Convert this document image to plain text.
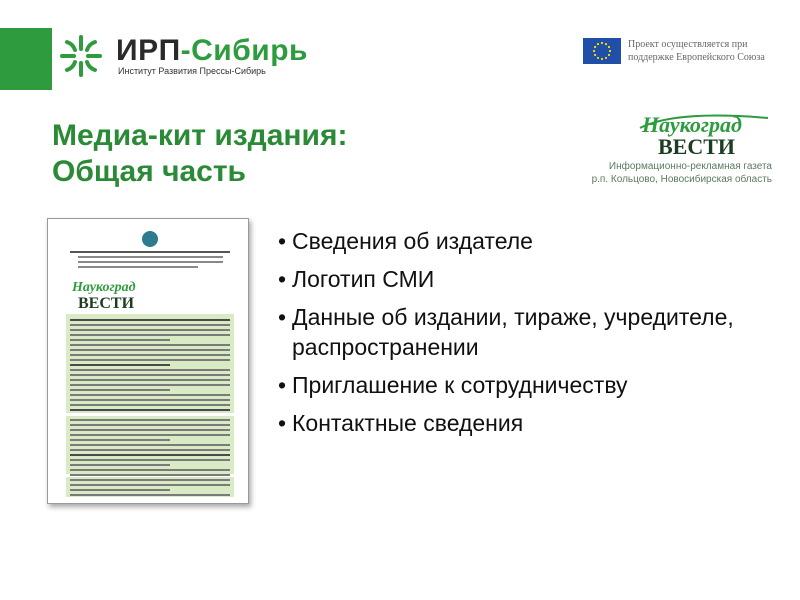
ИРП-Сибирь
Институт Развития Прессы-Сибирь
Проект осуществляется при
поддержке Европейского Союза
Медиа-кит издания:
Общая часть
Наукоград
ВЕСТИ
Информационно-рекламная газета
р.п. Кольцово, Новосибирская область
Наукоград
ВЕСТИ
• Сведения об издателе
• Логотип СМИ
• Данные об издании, тираже, учредителе, распространении
• Приглашение к сотрудничеству
• Контактные сведения
